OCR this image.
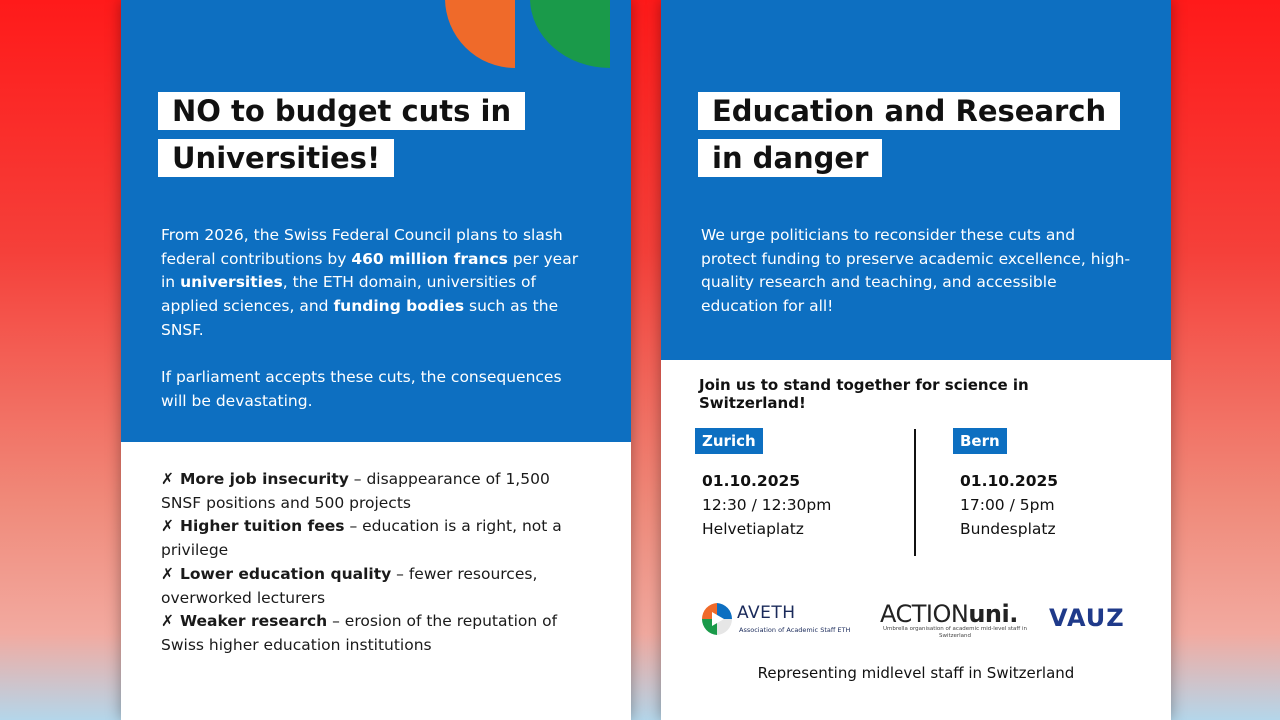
NO to budget cuts in
Universities!
From 2026, the Swiss Federal Council plans to slash federal contributions by 460 million francs per year in universities, the ETH domain, universities of applied sciences, and funding bodies such as the SNSF.
If parliament accepts these cuts, the consequences will be devastating.
✗ More job insecurity – disappearance of 1,500 SNSF positions and 500 projects
✗ Higher tuition fees – education is a right, not a privilege
✗ Lower education quality – fewer resources, overworked lecturers
✗ Weaker research – erosion of the reputation of Swiss higher education institutions
Education and Research
in danger
We urge politicians to reconsider these cuts and protect funding to preserve academic excellence, high-quality research and teaching, and accessible education for all!
Join us to stand together for science in Switzerland!
Zurich
01.10.2025
12:30 / 12:30pm
Helvetiaplatz
Bern
01.10.2025
17:00 / 5pm
Bundesplatz
AVETH
Association of Academic Staff ETH
ACTIONuni.
Umbrella organisation of academic mid-level staff in Switzerland
VAUZ
Representing midlevel staff in Switzerland
